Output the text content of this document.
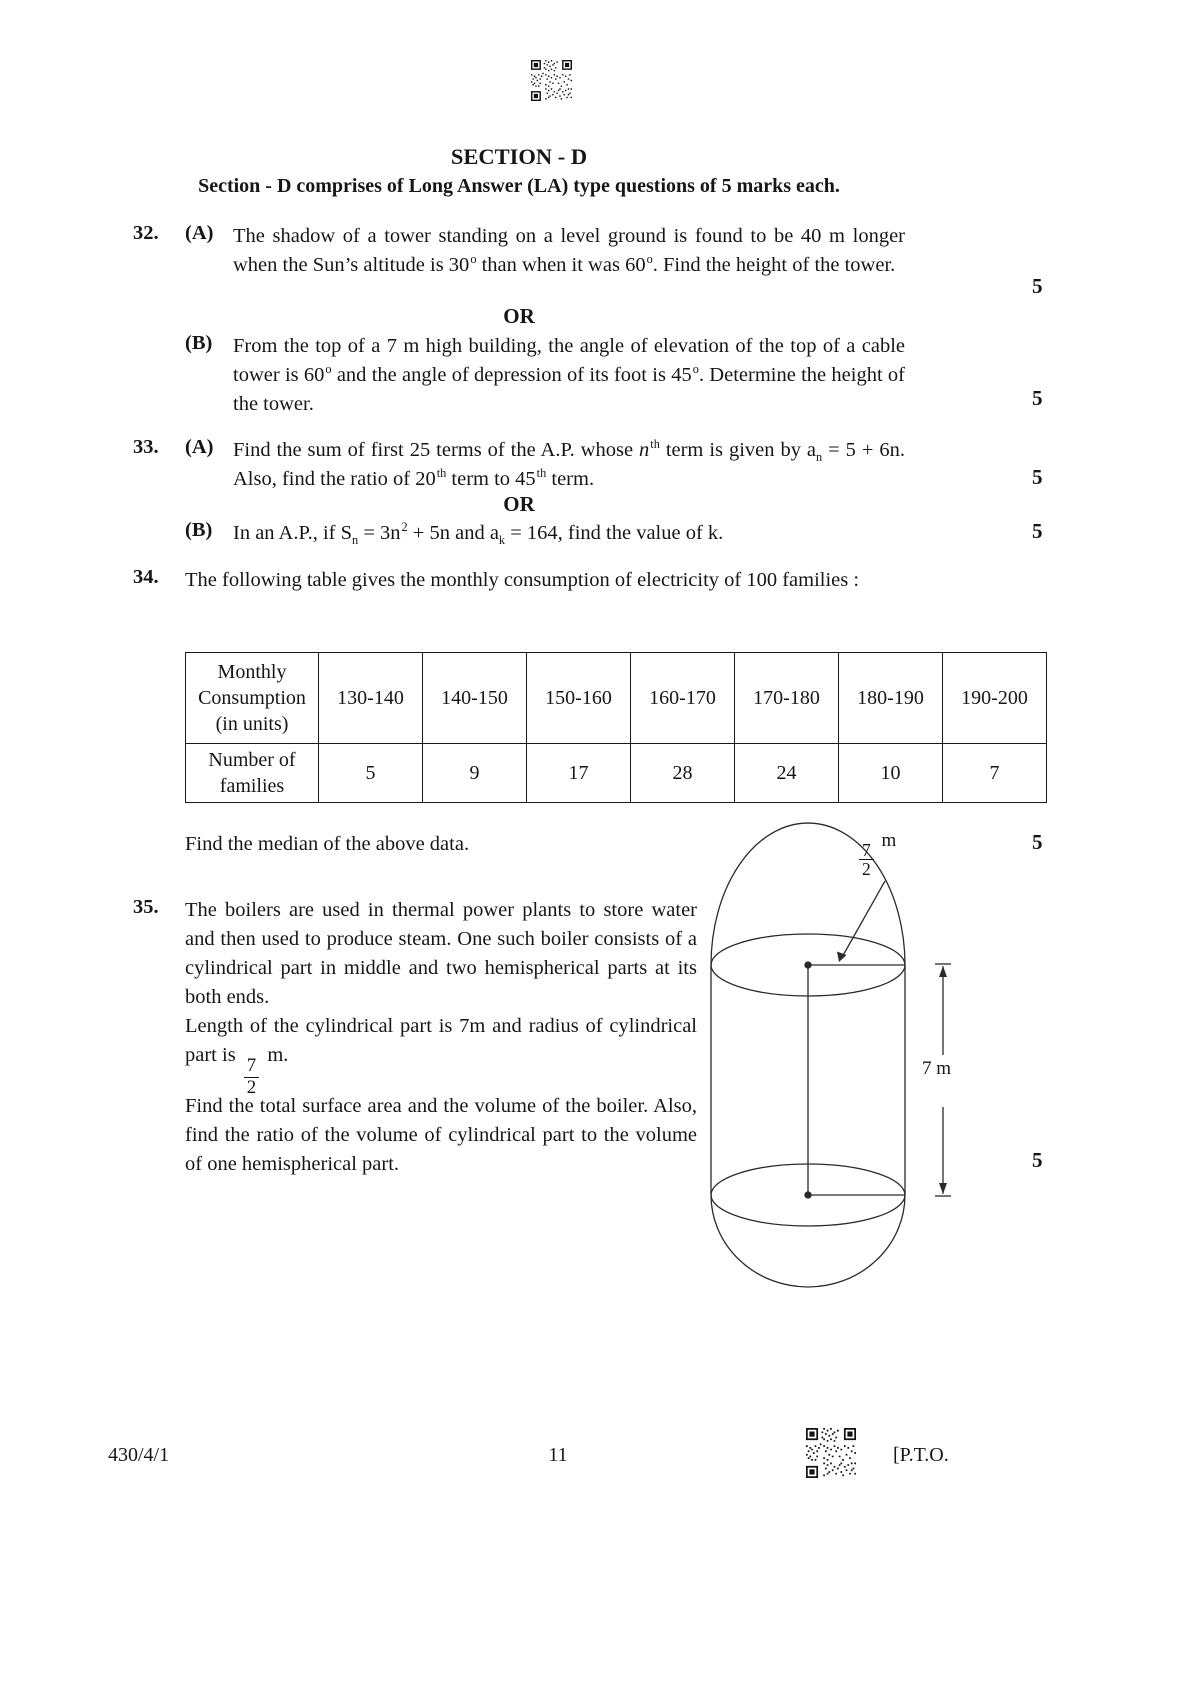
SECTION - D
Section - D comprises of Long Answer (LA) type questions of 5 marks each.
32. (A) The shadow of a tower standing on a level ground is found to be 40 m longer when the Sun’s altitude is 30$^o$ than when it was 60$^o$. Find the height of the tower.
5
OR
(B) From the top of a 7 m high building, the angle of elevation of the top of a cable tower is 60$^o$ and the angle of depression of its foot is 45$^o$. Determine the height of the tower.	5
33. (A) Find the sum of first 25 terms of the A.P. whose $n^{th}$ term is given by $a_n = 5 + 6n$. Also, find the ratio of 20th term to 45th term.	5
OR
(B) In an A.P., if $S_n = 3n^2 + 5n$ and $a_k = 164$, find the value of k.	5
34. The following table gives the monthly consumption of electricity of 100 families :
Monthly Consumption (in units)	130-140	140-150	150-160	160-170	170-180	180-190	190-200
Number of families	5	9	17	28	24	10	7
Find the median of the above data.	5
35. The boilers are used in thermal power plants to store water and then used to produce steam. One such boiler consists of a cylindrical part in middle and two hemispherical parts at its both ends.
Length of the cylindrical part is 7m and radius of cylindrical part is
$\frac{7}{2}$
m.
Find the total surface area and the volume of the boiler. Also, find the ratio of the volume of cylindrical part to the volume of one hemispherical part.	5
$\frac{7}{2}$
m
7 m
430/4/1	11	[P.T.O.
